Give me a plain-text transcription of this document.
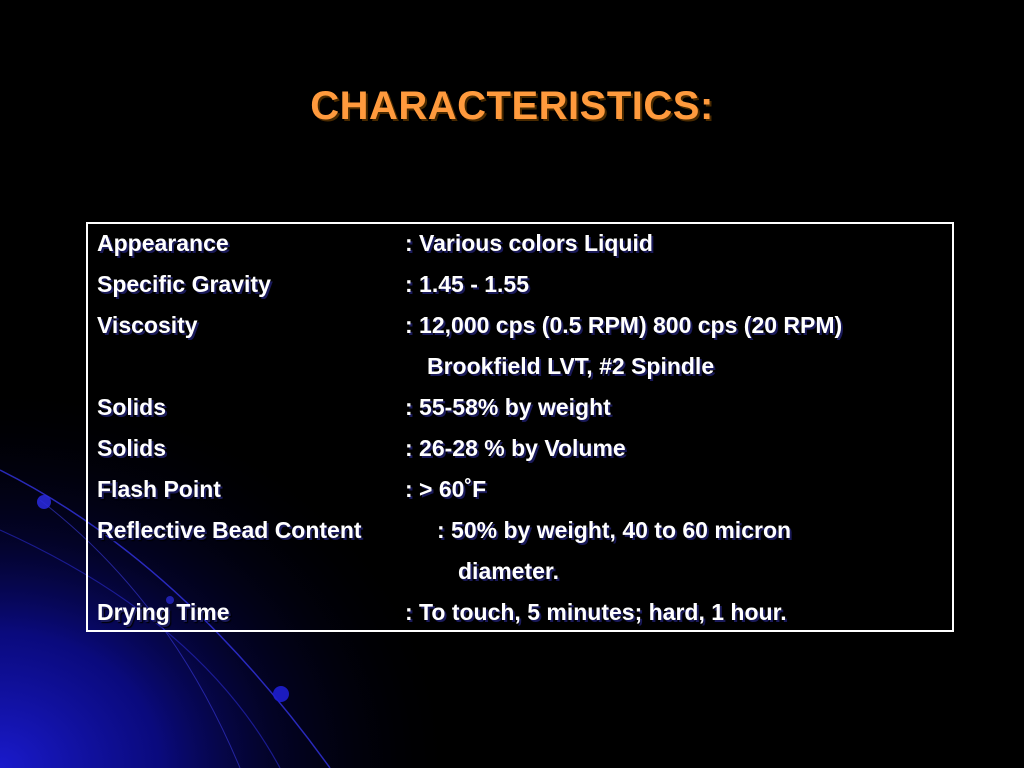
CHARACTERISTICS:
Appearance	: Various colors Liquid
Specific Gravity	: 1.45 - 1.55
Viscosity	: 12,000 cps (0.5 RPM) 800 cps (20 RPM)
Brookfield LVT, #2 Spindle
Solids	: 55-58% by weight
Solids	: 26-28 % by Volume
Flash Point	: > 60˚F
Reflective Bead Content	: 50% by weight, 40 to 60 micron
diameter.
Drying Time	: To touch, 5 minutes; hard, 1 hour.
